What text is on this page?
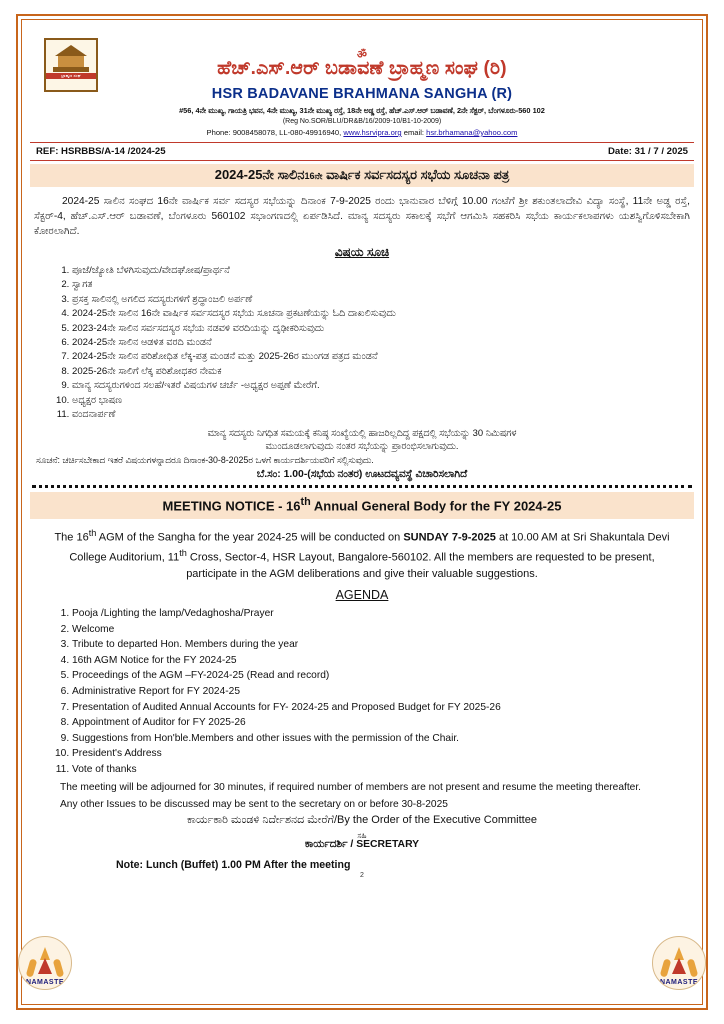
ಬ್ರಾಹ್ಮಣ ಸಂಘ
ॐ
ಹೆಚ್.ಎಸ್.ಆರ್ ಬಡಾವಣೆ ಬ್ರಾಹ್ಮಣ ಸಂಘ (ರಿ)
HSR BADAVANE BRAHMANA SANGHA (R)
#56, 4ನೇ ಮುಖ್ಯ, ಗಾಯತ್ರಿ ಭವನ, 4ನೇ ಮುಖ್ಯ, 31ನೇ ಮುಖ್ಯ ರಸ್ತೆ, 18ನೇ ಅಡ್ಡ ರಸ್ತೆ, ಹೆಚ್.ಎಸ್.ಆರ್ ಬಡಾವಣೆ, 2ನೇ ಸೆಕ್ಟರ್, ಬೆಂಗಳೂರು-560 102
(Reg No.SOR/BLU/DR&B/16/2009-10/B1-10-2009)
Phone: 9008458078, LL-080-49916940, www.hsrvipra.org email: hsr.brhamana@yahoo.com
REF: HSRBBS/A-14 /2024-25	Date: 31 / 7 / 2025
2024-25ನೇ ಸಾಲಿನ16ನೇ ವಾರ್ಷಿಕ ಸರ್ವಸದಸ್ಯರ ಸಭೆಯ ಸೂಚನಾ ಪತ್ರ
2024-25 ಸಾಲಿನ ಸಂಘದ 16ನೇ ವಾರ್ಷಿಕ ಸರ್ವ ಸದಸ್ಯರ ಸಭೆಯನ್ನು ದಿನಾಂಕ 7-9-2025 ರಂದು ಭಾನುವಾರ ಬೆಳಿಗ್ಗೆ 10.00 ಗಂಟೆಗೆ ಶ್ರೀ ಶಕುಂತಲಾದೇವಿ ವಿದ್ಯಾ ಸಂಸ್ಥೆ, 11ನೇ ಅಡ್ಡ ರಸ್ತೆ, ಸೆಕ್ಟರ್-4, ಹೆಚ್.ಎಸ್.ಆರ್ ಬಡಾವಣೆ, ಬೆಂಗಳೂರು 560102 ಸಭಾಂಗಣದಲ್ಲಿ ಏರ್ಪಡಿಸಿದೆ. ಮಾನ್ಯ ಸದಸ್ಯರು ಸಕಾಲಕ್ಕೆ ಸಭೆಗೆ ಆಗಮಿಸಿ ಸಹಕರಿಸಿ ಸಭೆಯ ಕಾರ್ಯಕಲಾಪಗಳು ಯಶಸ್ವಿಗೊಳಿಸಬೇಕಾಗಿ ಕೋರಲಾಗಿದೆ.
ವಿಷಯ ಸೂಚಿ
1. ಪೂಜೆ/ಜ್ಯೋತಿ ಬೆಳಗಿಸುವುದು/ವೇದಘೋಷ/ಪ್ರಾರ್ಥನೆ
2. ಸ್ವಾಗತ
3. ಪ್ರಸಕ್ತ ಸಾಲಿನಲ್ಲಿ ಅಗಲಿದ ಸದಸ್ಯರುಗಳಿಗೆ ಶ್ರದ್ಧಾಂಜಲಿ ಅರ್ಪಣೆ
4. 2024-25ನೇ ಸಾಲಿನ 16ನೇ ವಾರ್ಷಿಕ ಸರ್ವಸದಸ್ಯರ ಸಭೆಯ ಸೂಚನಾ ಪ್ರಕಟಣೆಯನ್ನು ಓದಿ ದಾಖಲಿಸುವುದು
5. 2023-24ನೇ ಸಾಲಿನ ಸರ್ವಸದಸ್ಯರ ಸಭೆಯ ನಡವಳಿ ವರದಿಯನ್ನು ದೃಢೀಕರಿಸುವುದು
6. 2024-25ನೇ ಸಾಲಿನ ಆಡಳಿತ ವರದಿ ಮಂಡನೆ
7. 2024-25ನೇ ಸಾಲಿನ ಪರಿಶೋಧಿತ ಲೆಕ್ಕ-ಪತ್ರ ಮಂಡನೆ ಮತ್ತು 2025-26ರ ಮುಂಗಡ ಪತ್ರದ ಮಂಡನೆ
8. 2025-26ನೇ ಸಾಲಿಗೆ ಲೆಕ್ಕ ಪರಿಶೋಧಕರ ನೇಮಕ
9. ಮಾನ್ಯ ಸದಸ್ಯರುಗಳಿಂದ ಸಲಹೆ/ಇತರೆ ವಿಷಯಗಳ ಚರ್ಚೆ -ಅಧ್ಯಕ್ಷರ ಅಪ್ಪಣೆ ಮೇರೆಗೆ.
10. ಅಧ್ಯಕ್ಷರ ಭಾಷಣ
11. ವಂದನಾರ್ಪಣೆ
ಮಾನ್ಯ ಸದಸ್ಯರು ನಿಗಧಿತ ಸಮಯಕ್ಕೆ ಕನಿಷ್ಠ ಸಂಖ್ಯೆಯಲ್ಲಿ ಹಾಜರಿಲ್ಲದಿದ್ದ ಪಕ್ಷದಲ್ಲಿ ಸಭೆಯನ್ನು 30 ನಿಮಿಷಗಳ
ಮುಂದೂಡಲಾಗುವುದು ನಂತರ ಸಭೆಯನ್ನು ಪ್ರಾರಂಭಿಸಲಾಗುವುದು.
ಸೂಚನೆ: ಚರ್ಚಿಸಬೇಕಾದ ಇತರೆ ವಿಷಯಗಳನ್ನಾದರೂ ದಿನಾಂಕ-30-8-2025ರ ಒಳಗೆ ಕಾರ್ಯದರ್ಶಿಯವರಿಗೆ ಸಲ್ಲಿಸುವುದು.
ಬೆ.ಸಂ: 1.00-(ಸಭೆಯ ನಂತರ) ಊಟದವ್ಯವಸ್ಥೆ ವಿಚಾರಿಸಲಾಗಿದೆ
MEETING NOTICE - 16th Annual General Body for the FY 2024-25
The 16th AGM of the Sangha for the year 2024-25 will be conducted on SUNDAY 7-9-2025 at 10.00 AM at Sri Shakuntala Devi College Auditorium, 11th Cross, Sector-4, HSR Layout, Bangalore-560102. All the members are requested to be present, participate in the AGM deliberations and give their valuable suggestions.
AGENDA
1. Pooja /Lighting the lamp/Vedaghosha/Prayer
2. Welcome
3. Tribute to departed Hon. Members during the year
4. 16th AGM Notice for the FY 2024-25
5. Proceedings of the AGM –FY-2024-25 (Read and record)
6. Administrative Report for FY 2024-25
7. Presentation of Audited Annual Accounts for FY- 2024-25 and Proposed Budget for FY 2025-26
8. Appointment of Auditor for FY 2025-26
9. Suggestions from Hon'ble.Members and other issues with the permission of the Chair.
10. President's Address
11. Vote of thanks
The meeting will be adjourned for 30 minutes, if required number of members are not present and resume the meeting thereafter.
Any other Issues to be discussed may be sent to the secretary on or before 30-8-2025
ಕಾರ್ಯಕಾರಿ ಮಂಡಳಿ ನಿರ್ದೇಶನದ ಮೇರೆಗೆ/By the Order of the Executive Committee
ಸಹಿ
ಕಾರ್ಯದರ್ಶಿ / SECRETARY
Note: Lunch (Buffet) 1.00 PM After the meeting
2
NAMASTE	NAMASTE
